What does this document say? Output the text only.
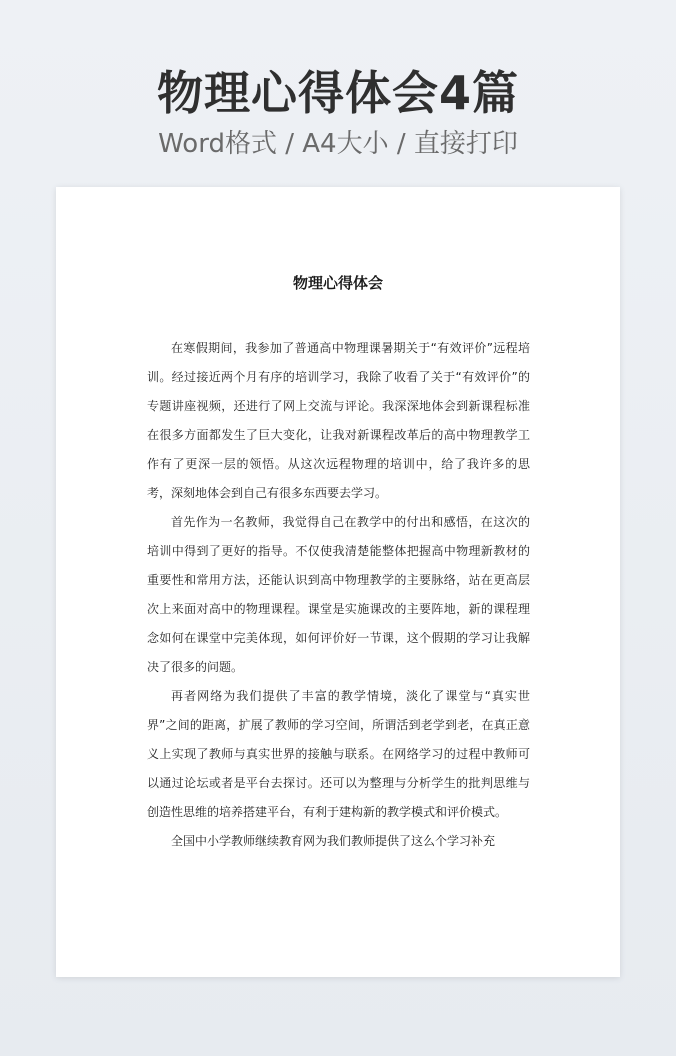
物理心得体会4篇
Word格式 / A4大小 / 直接打印
物理心得体会

在寒假期间，我参加了普通高中物理课暑期关于“有效评价”远程培训。经过接近两个月有序的培训学习，我除了收看了关于“有效评价”的专题讲座视频，还进行了网上交流与评论。我深深地体会到新课程标准在很多方面都发生了巨大变化，让我对新课程改革后的高中物理教学工作有了更深一层的领悟。从这次远程物理的培训中，给了我许多的思考，深刻地体会到自己有很多东西要去学习。

首先作为一名教师，我觉得自己在教学中的付出和感悟，在这次的培训中得到了更好的指导。不仅使我清楚能整体把握高中物理新教材的重要性和常用方法，还能认识到高中物理教学的主要脉络，站在更高层次上来面对高中的物理课程。课堂是实施课改的主要阵地，新的课程理念如何在课堂中完美体现，如何评价好一节课，这个假期的学习让我解决了很多的问题。

再者网络为我们提供了丰富的教学情境，淡化了课堂与“真实世界”之间的距离，扩展了教师的学习空间，所谓活到老学到老，在真正意义上实现了教师与真实世界的接触与联系。在网络学习的过程中教师可以通过论坛或者是平台去探讨。还可以为整理与分析学生的批判思维与创造性思维的培养搭建平台，有利于建构新的教学模式和评价模式。

全国中小学教师继续教育网为我们教师提供了这么个学习补充
